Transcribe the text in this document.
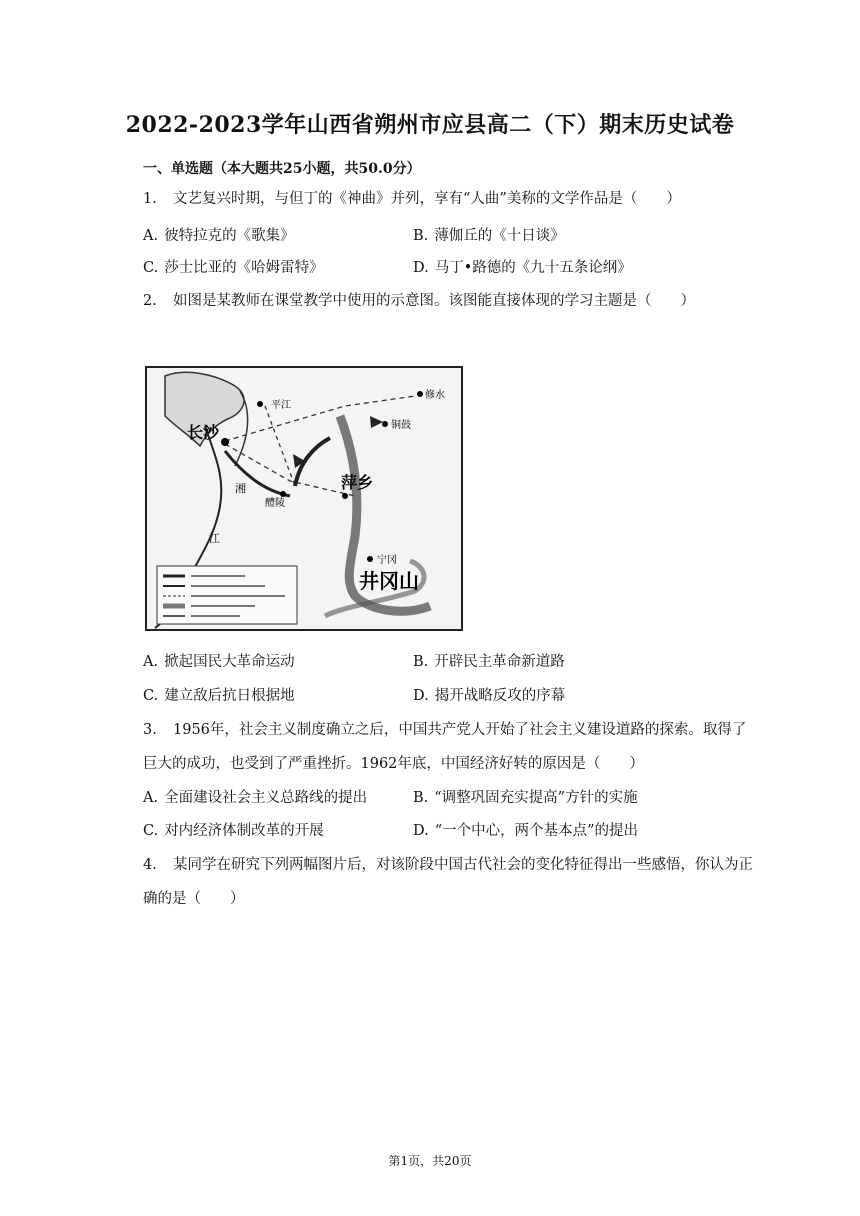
2022-2023学年山西省朔州市应县高二（下）期末历史试卷
一、单选题（本大题共25小题，共50.0分）
1. 文艺复兴时期，与但丁的《神曲》并列，享有“人曲”美称的文学作品是（　　）
A. 彼特拉克的《歌集》	B. 薄伽丘的《十日谈》
C. 莎士比亚的《哈姆雷特》	D. 马丁•路德的《九十五条论纲》
2. 如图是某教师在课堂教学中使用的示意图。该图能直接体现的学习主题是（　　）
平江
修水
铜鼓
长沙
湘
醴陵
萍乡
江
宁冈
井冈山
A. 掀起国民大革命运动	B. 开辟民主革命新道路
C. 建立敌后抗日根据地	D. 揭开战略反攻的序幕
3. 1956年，社会主义制度确立之后，中国共产党人开始了社会主义建设道路的探索。取得了巨大的成功，也受到了严重挫折。1962年底，中国经济好转的原因是（　　）
A. 全面建设社会主义总路线的提出	B. “调整巩固充实提高”方针的实施
C. 对内经济体制改革的开展	D. “一个中心，两个基本点”的提出
4. 某同学在研究下列两幅图片后，对该阶段中国古代社会的变化特征得出一些感悟，你认为正确的是（　　）
第1页，共20页
